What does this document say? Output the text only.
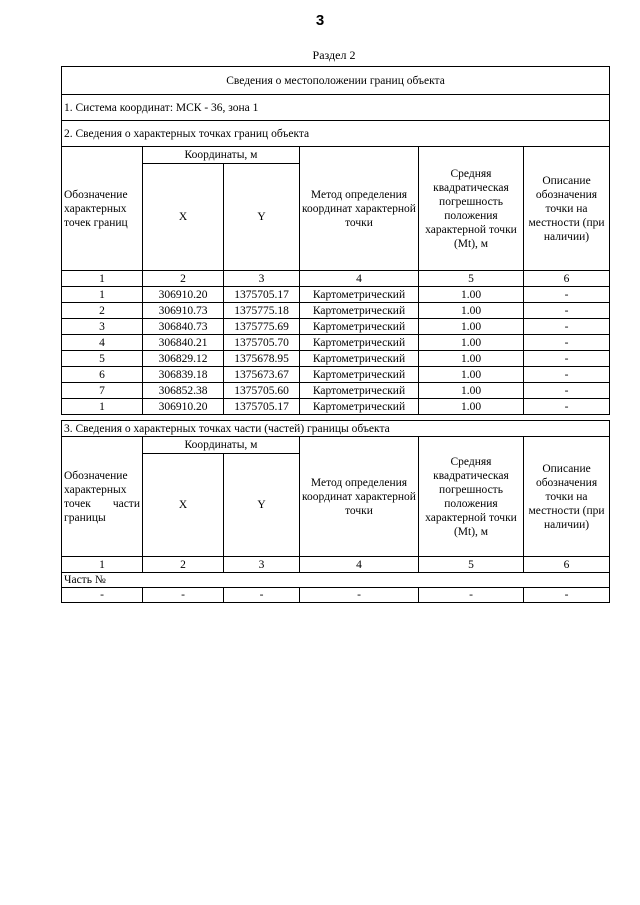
3
Раздел 2
Сведения о местоположении границ объекта					
1. Система координат: МСК - 36, зона 1					
2. Сведения о характерных точках границ объекта					
Обозначение характерных точек границ	Координаты, м		Метод определения координат характерной точки	Средняя квадратическая погрешность положения характерной точки (Mt), м	Описание обозначения точки на местности (при наличии)
	X	Y			
1	2	3	4	5	6
1	306910.20	1375705.17	Картометрический	1.00	-
2	306910.73	1375775.18	Картометрический	1.00	-
3	306840.73	1375775.69	Картометрический	1.00	-
4	306840.21	1375705.70	Картометрический	1.00	-
5	306829.12	1375678.95	Картометрический	1.00	-
6	306839.18	1375673.67	Картометрический	1.00	-
7	306852.38	1375705.60	Картометрический	1.00	-
1	306910.20	1375705.17	Картометрический	1.00	-
3. Сведения о характерных точках части (частей) границы объекта					
Обозначение характерных точек части границы	Координаты, м		Метод определения координат характерной точки	Средняя квадратическая погрешность положения характерной точки (Mt), м	Описание обозначения точки на местности (при наличии)
	X	Y			
1	2	3	4	5	6
Часть №					
-	-	-	-	-	-
